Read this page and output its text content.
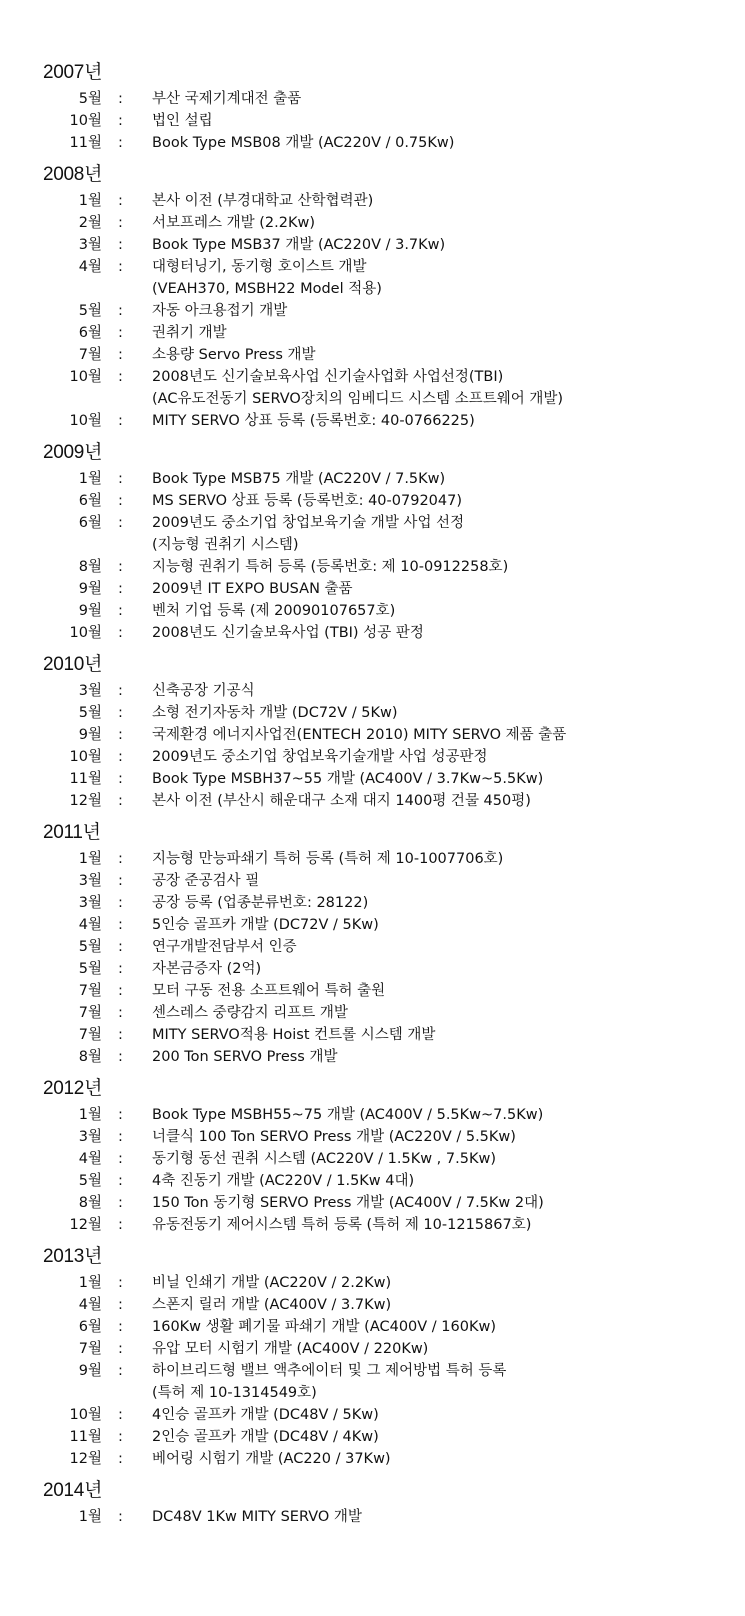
2007년
5월 : 부산 국제기계대전 출품
10월 : 법인 설립
11월 : Book Type MSB08 개발 (AC220V / 0.75Kw)
2008년
1월 : 본사 이전 (부경대학교 산학협력관)
2월 : 서보프레스 개발 (2.2Kw)
3월 : Book Type MSB37 개발 (AC220V / 3.7Kw)
4월 : 대형터닝기, 동기형 호이스트 개발
(VEAH370, MSBH22 Model 적용)
5월 : 자동 아크용접기 개발
6월 : 권취기 개발
7월 : 소용량 Servo Press 개발
10월 : 2008년도 신기술보육사업 신기술사업화 사업선정(TBI)
(AC유도전동기 SERVO장치의 임베디드 시스템 소프트웨어 개발)
10월 : MITY SERVO 상표 등록 (등록번호: 40-0766225)
2009년
1월 : Book Type MSB75 개발 (AC220V / 7.5Kw)
6월 : MS SERVO 상표 등록 (등록번호: 40-0792047)
6월 : 2009년도 중소기업 창업보육기술 개발 사업 선정
(지능형 권취기 시스템)
8월 : 지능형 권취기 특허 등록 (등록번호: 제 10-0912258호)
9월 : 2009년 IT EXPO BUSAN 출품
9월 : 벤처 기업 등록 (제 20090107657호)
10월 : 2008년도 신기술보육사업 (TBI) 성공 판정
2010년
3월 : 신축공장 기공식
5월 : 소형 전기자동차 개발 (DC72V / 5Kw)
9월 : 국제환경 에너지사업전(ENTECH 2010) MITY SERVO 제품 출품
10월 : 2009년도 중소기업 창업보육기술개발 사업 성공판정
11월 : Book Type MSBH37~55 개발 (AC400V / 3.7Kw~5.5Kw)
12월 : 본사 이전 (부산시 해운대구 소재 대지 1400평 건물 450평)
2011년
1월 : 지능형 만능파쇄기 특허 등록 (특허 제 10-1007706호)
3월 : 공장 준공검사 필
3월 : 공장 등록 (업종분류번호: 28122)
4월 : 5인승 골프카 개발 (DC72V / 5Kw)
5월 : 연구개발전담부서 인증
5월 : 자본금증자 (2억)
7월 : 모터 구동 전용 소프트웨어 특허 출원
7월 : 센스레스 중량감지 리프트 개발
7월 : MITY SERVO적용 Hoist 컨트롤 시스템 개발
8월 : 200 Ton SERVO Press 개발
2012년
1월 : Book Type MSBH55~75 개발 (AC400V / 5.5Kw~7.5Kw)
3월 : 너클식 100 Ton SERVO Press 개발 (AC220V / 5.5Kw)
4월 : 동기형 동선 권취 시스템 (AC220V / 1.5Kw , 7.5Kw)
5월 : 4축 진동기 개발 (AC220V / 1.5Kw 4대)
8월 : 150 Ton 동기형 SERVO Press 개발 (AC400V / 7.5Kw 2대)
12월 : 유동전동기 제어시스템 특허 등록 (특허 제 10-1215867호)
2013년
1월 : 비닐 인쇄기 개발 (AC220V / 2.2Kw)
4월 : 스폰지 릴러 개발 (AC400V / 3.7Kw)
6월 : 160Kw 생활 폐기물 파쇄기 개발 (AC400V / 160Kw)
7월 : 유압 모터 시험기 개발 (AC400V / 220Kw)
9월 : 하이브리드형 밸브 액추에이터 및 그 제어방법 특허 등록
(특허 제 10-1314549호)
10월 : 4인승 골프카 개발 (DC48V / 5Kw)
11월 : 2인승 골프카 개발 (DC48V / 4Kw)
12월 : 베어링 시험기 개발 (AC220 / 37Kw)
2014년
1월 : DC48V 1Kw MITY SERVO 개발
